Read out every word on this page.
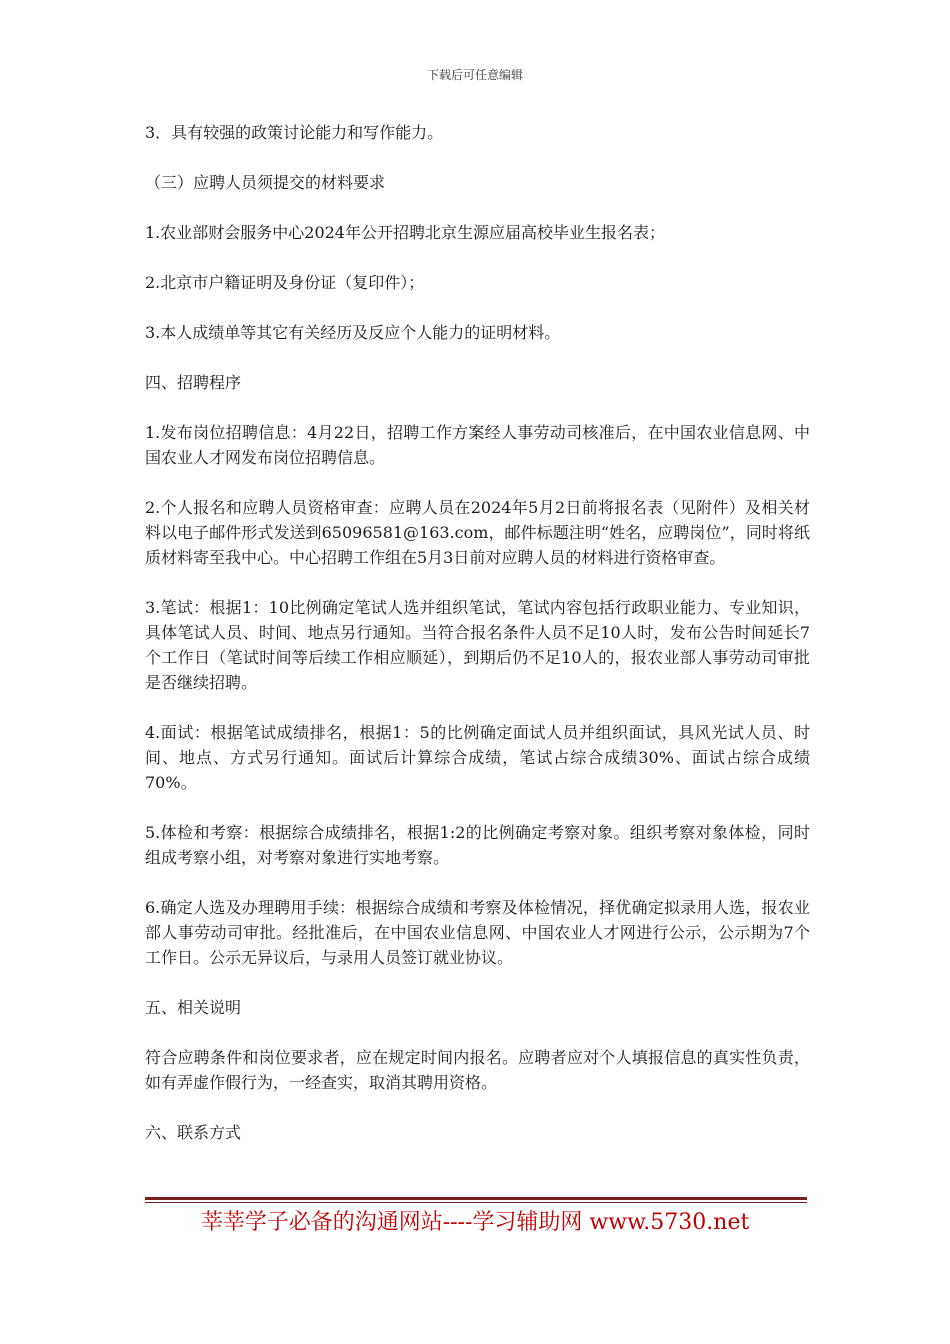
下载后可任意编辑

3．具有较强的政策讨论能力和写作能力。

（三）应聘人员须提交的材料要求

1.农业部财会服务中心2024年公开招聘北京生源应届高校毕业生报名表；

2.北京市户籍证明及身份证（复印件）；

3.本人成绩单等其它有关经历及反应个人能力的证明材料。

四、招聘程序

1.发布岗位招聘信息：4月22日，招聘工作方案经人事劳动司核准后，在中国农业信息网、中国农业人才网发布岗位招聘信息。

2.个人报名和应聘人员资格审查：应聘人员在2024年5月2日前将报名表（见附件）及相关材料以电子邮件形式发送到65096581@163.com，邮件标题注明“姓名，应聘岗位”，同时将纸质材料寄至我中心。中心招聘工作组在5月3日前对应聘人员的材料进行资格审查。

3.笔试：根据1：10比例确定笔试人选并组织笔试，笔试内容包括行政职业能力、专业知识，具体笔试人员、时间、地点另行通知。当符合报名条件人员不足10人时，发布公告时间延长7个工作日（笔试时间等后续工作相应顺延），到期后仍不足10人的，报农业部人事劳动司审批是否继续招聘。

4.面试：根据笔试成绩排名，根据1：5的比例确定面试人员并组织面试，具风光试人员、时间、地点、方式另行通知。面试后计算综合成绩，笔试占综合成绩30%、面试占综合成绩70%。

5.体检和考察：根据综合成绩排名，根据1:2的比例确定考察对象。组织考察对象体检，同时组成考察小组，对考察对象进行实地考察。

6.确定人选及办理聘用手续：根据综合成绩和考察及体检情况，择优确定拟录用人选，报农业部人事劳动司审批。经批准后，在中国农业信息网、中国农业人才网进行公示，公示期为7个工作日。公示无异议后，与录用人员签订就业协议。

五、相关说明

符合应聘条件和岗位要求者，应在规定时间内报名。应聘者应对个人填报信息的真实性负责，如有弄虚作假行为，一经查实，取消其聘用资格。

六、联系方式

莘莘学子必备的沟通网站----学习辅助网 www.5730.net
